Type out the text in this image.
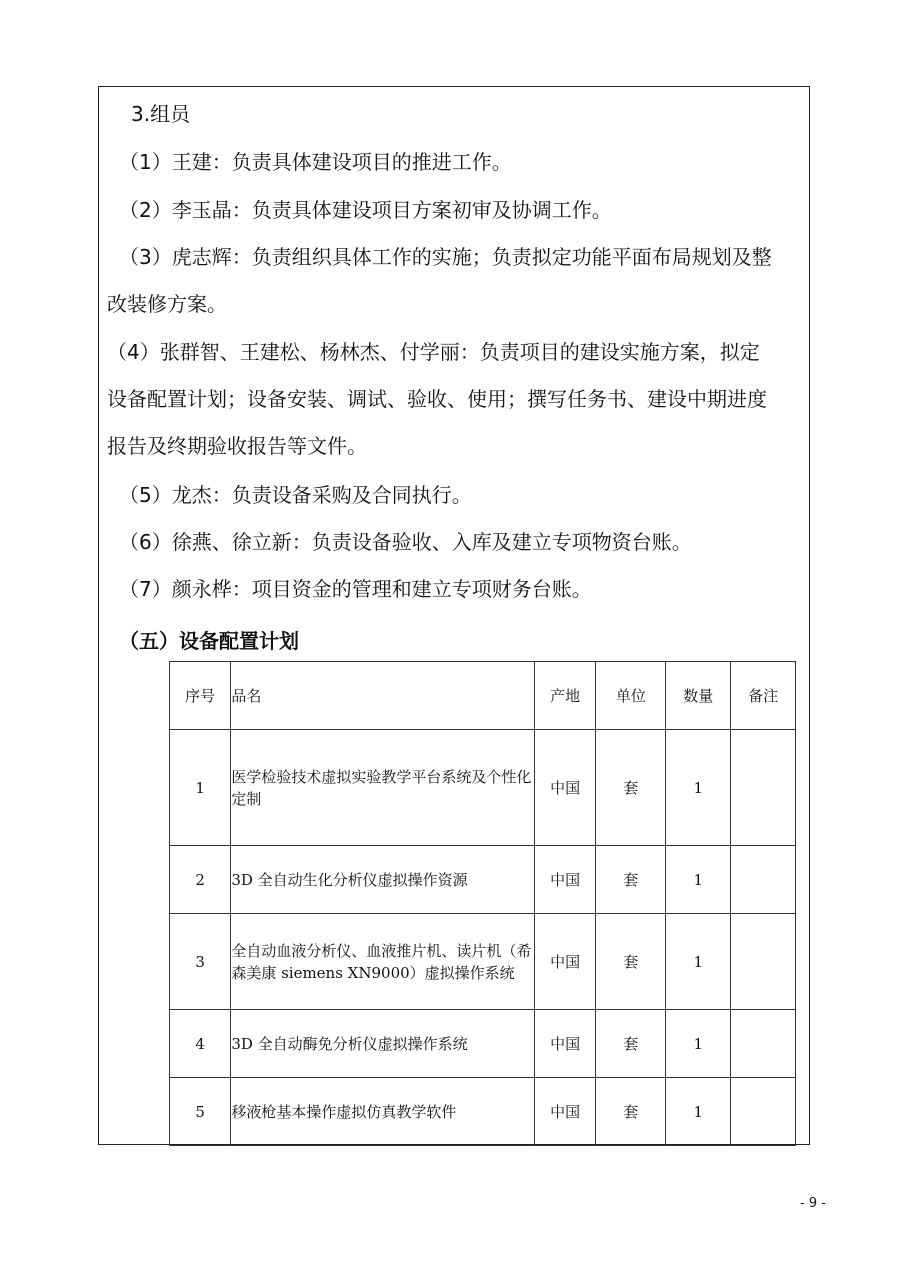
3.组员
（1）王建：负责具体建设项目的推进工作。
（2）李玉晶：负责具体建设项目方案初审及协调工作。
（3）虎志辉：负责组织具体工作的实施；负责拟定功能平面布局规划及整
改装修方案。
（4）张群智、王建松、杨林杰、付学丽：负责项目的建设实施方案，拟定
设备配置计划；设备安装、调试、验收、使用；撰写任务书、建设中期进度
报告及终期验收报告等文件。
（5）龙杰：负责设备采购及合同执行。
（6）徐燕、徐立新：负责设备验收、入库及建立专项物资台账。
（7）颜永桦：项目资金的管理和建立专项财务台账。
（五）设备配置计划
序号	品名	产地	单位	数量	备注
1	医学检验技术虚拟实验教学平台系统及个性化定制	中国	套	1	
2	3D 全自动生化分析仪虚拟操作资源	中国	套	1	
3	全自动血液分析仪、血液推片机、读片机（希森美康 siemens XN9000）虚拟操作系统	中国	套	1	
4	3D 全自动酶免分析仪虚拟操作系统	中国	套	1	
5	移液枪基本操作虚拟仿真教学软件	中国	套	1	
- 9 -
